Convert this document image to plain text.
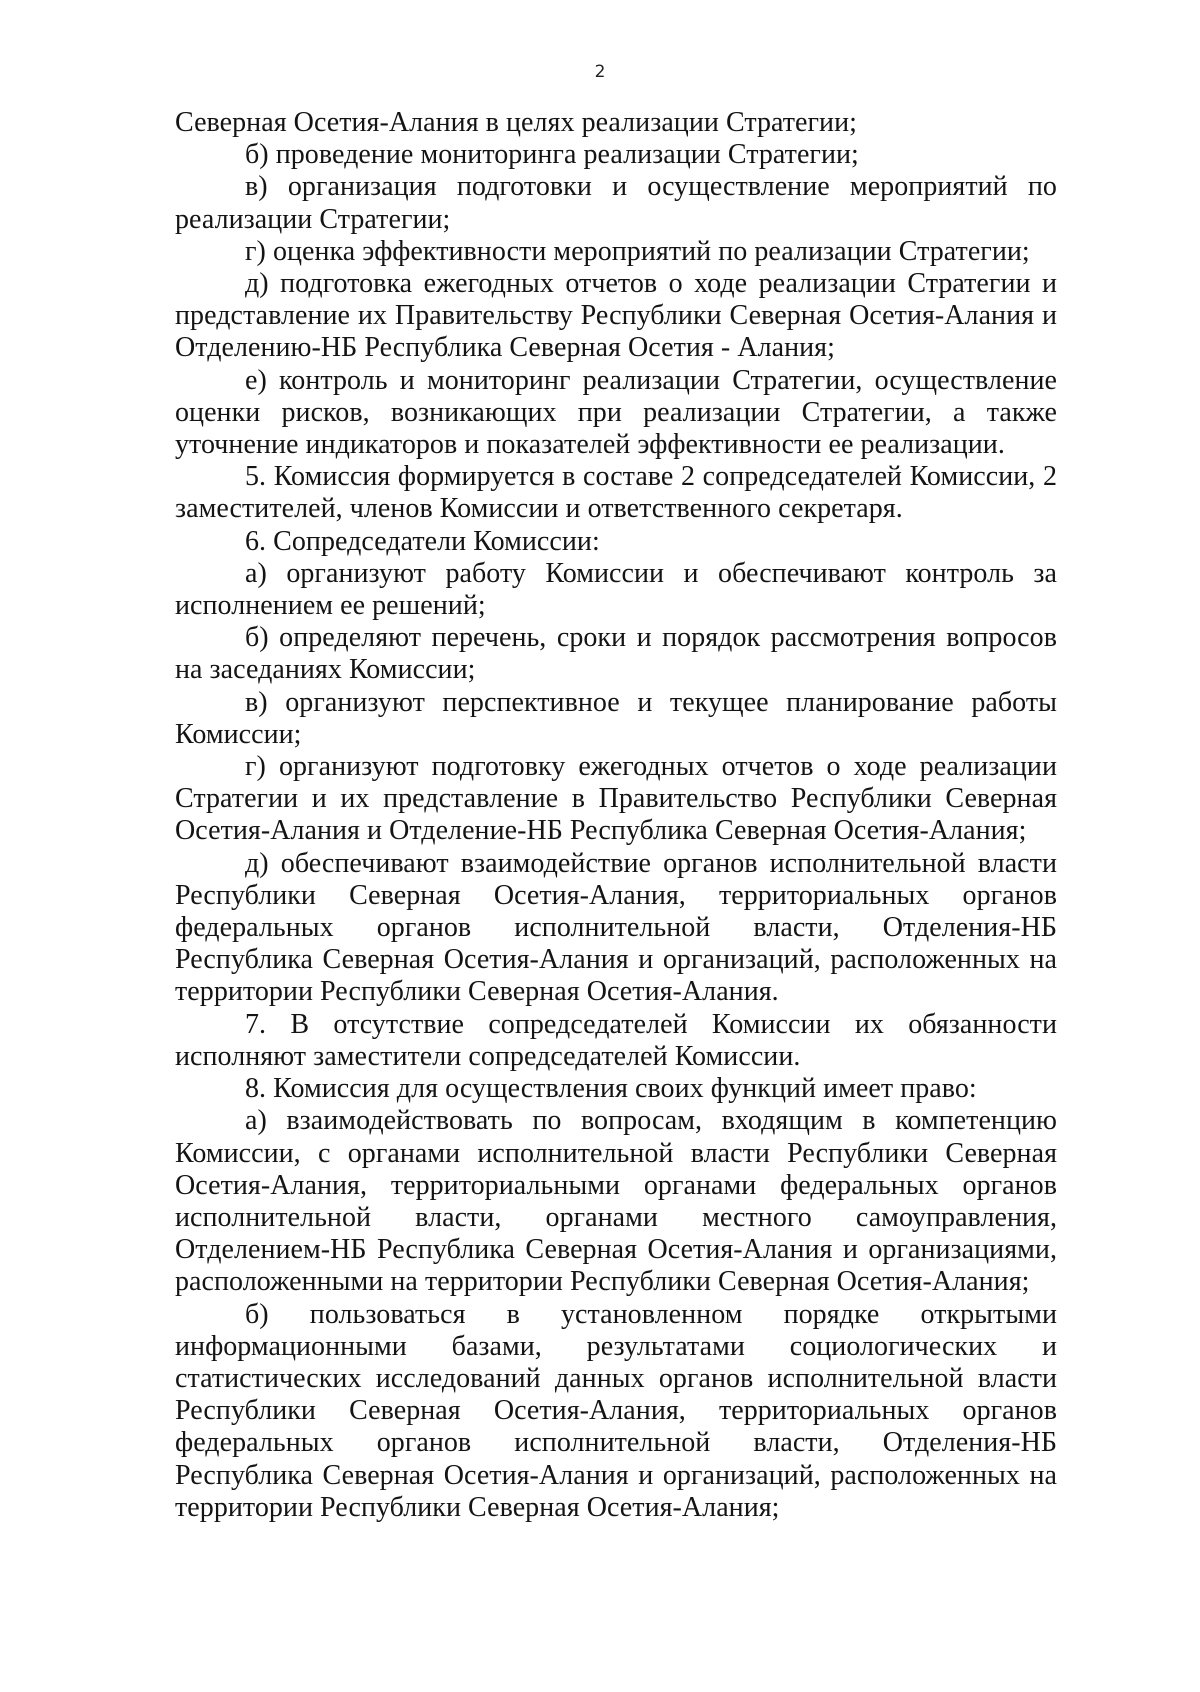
2

Северная Осетия-Алания в целях реализации Стратегии;

б) проведение мониторинга реализации Стратегии;

в) организация подготовки и осуществление мероприятий по реализации Стратегии;

г) оценка эффективности мероприятий по реализации Стратегии;

д) подготовка ежегодных отчетов о ходе реализации Стратегии и представление их Правительству Республики Северная Осетия-Алания и Отделению-НБ Республика Северная Осетия - Алания;

е) контроль и мониторинг реализации Стратегии, осуществление оценки рисков, возникающих при реализации Стратегии, а также уточнение индикаторов и показателей эффективности ее реализации.

5. Комиссия формируется в составе 2 сопредседателей Комиссии, 2 заместителей, членов Комиссии и ответственного секретаря.

6. Сопредседатели Комиссии:

а) организуют работу Комиссии и обеспечивают контроль за исполнением ее решений;

б) определяют перечень, сроки и порядок рассмотрения вопросов на заседаниях Комиссии;

в) организуют перспективное и текущее планирование работы Комиссии;

г) организуют подготовку ежегодных отчетов о ходе реализации Стратегии и их представление в Правительство Республики Северная Осетия-Алания и Отделение-НБ Республика Северная Осетия-Алания;

д) обеспечивают взаимодействие органов исполнительной власти Республики Северная Осетия-Алания, территориальных органов федеральных органов исполнительной власти, Отделения-НБ Республика Северная Осетия-Алания и организаций, расположенных на территории Республики Северная Осетия-Алания.

7. В отсутствие сопредседателей Комиссии их обязанности исполняют заместители сопредседателей Комиссии.

8. Комиссия для осуществления своих функций имеет право:

а) взаимодействовать по вопросам, входящим в компетенцию Комиссии, с органами исполнительной власти Республики Северная Осетия-Алания, территориальными органами федеральных органов исполнительной власти, органами местного самоуправления, Отделением-НБ Республика Северная Осетия-Алания и организациями, расположенными на территории Республики Северная Осетия-Алания;

б) пользоваться в установленном порядке открытыми информационными базами, результатами социологических и статистических исследований данных органов исполнительной власти Республики Северная Осетия-Алания, территориальных органов федеральных органов исполнительной власти, Отделения-НБ Республика Северная Осетия-Алания и организаций, расположенных на территории Республики Северная Осетия-Алания;
